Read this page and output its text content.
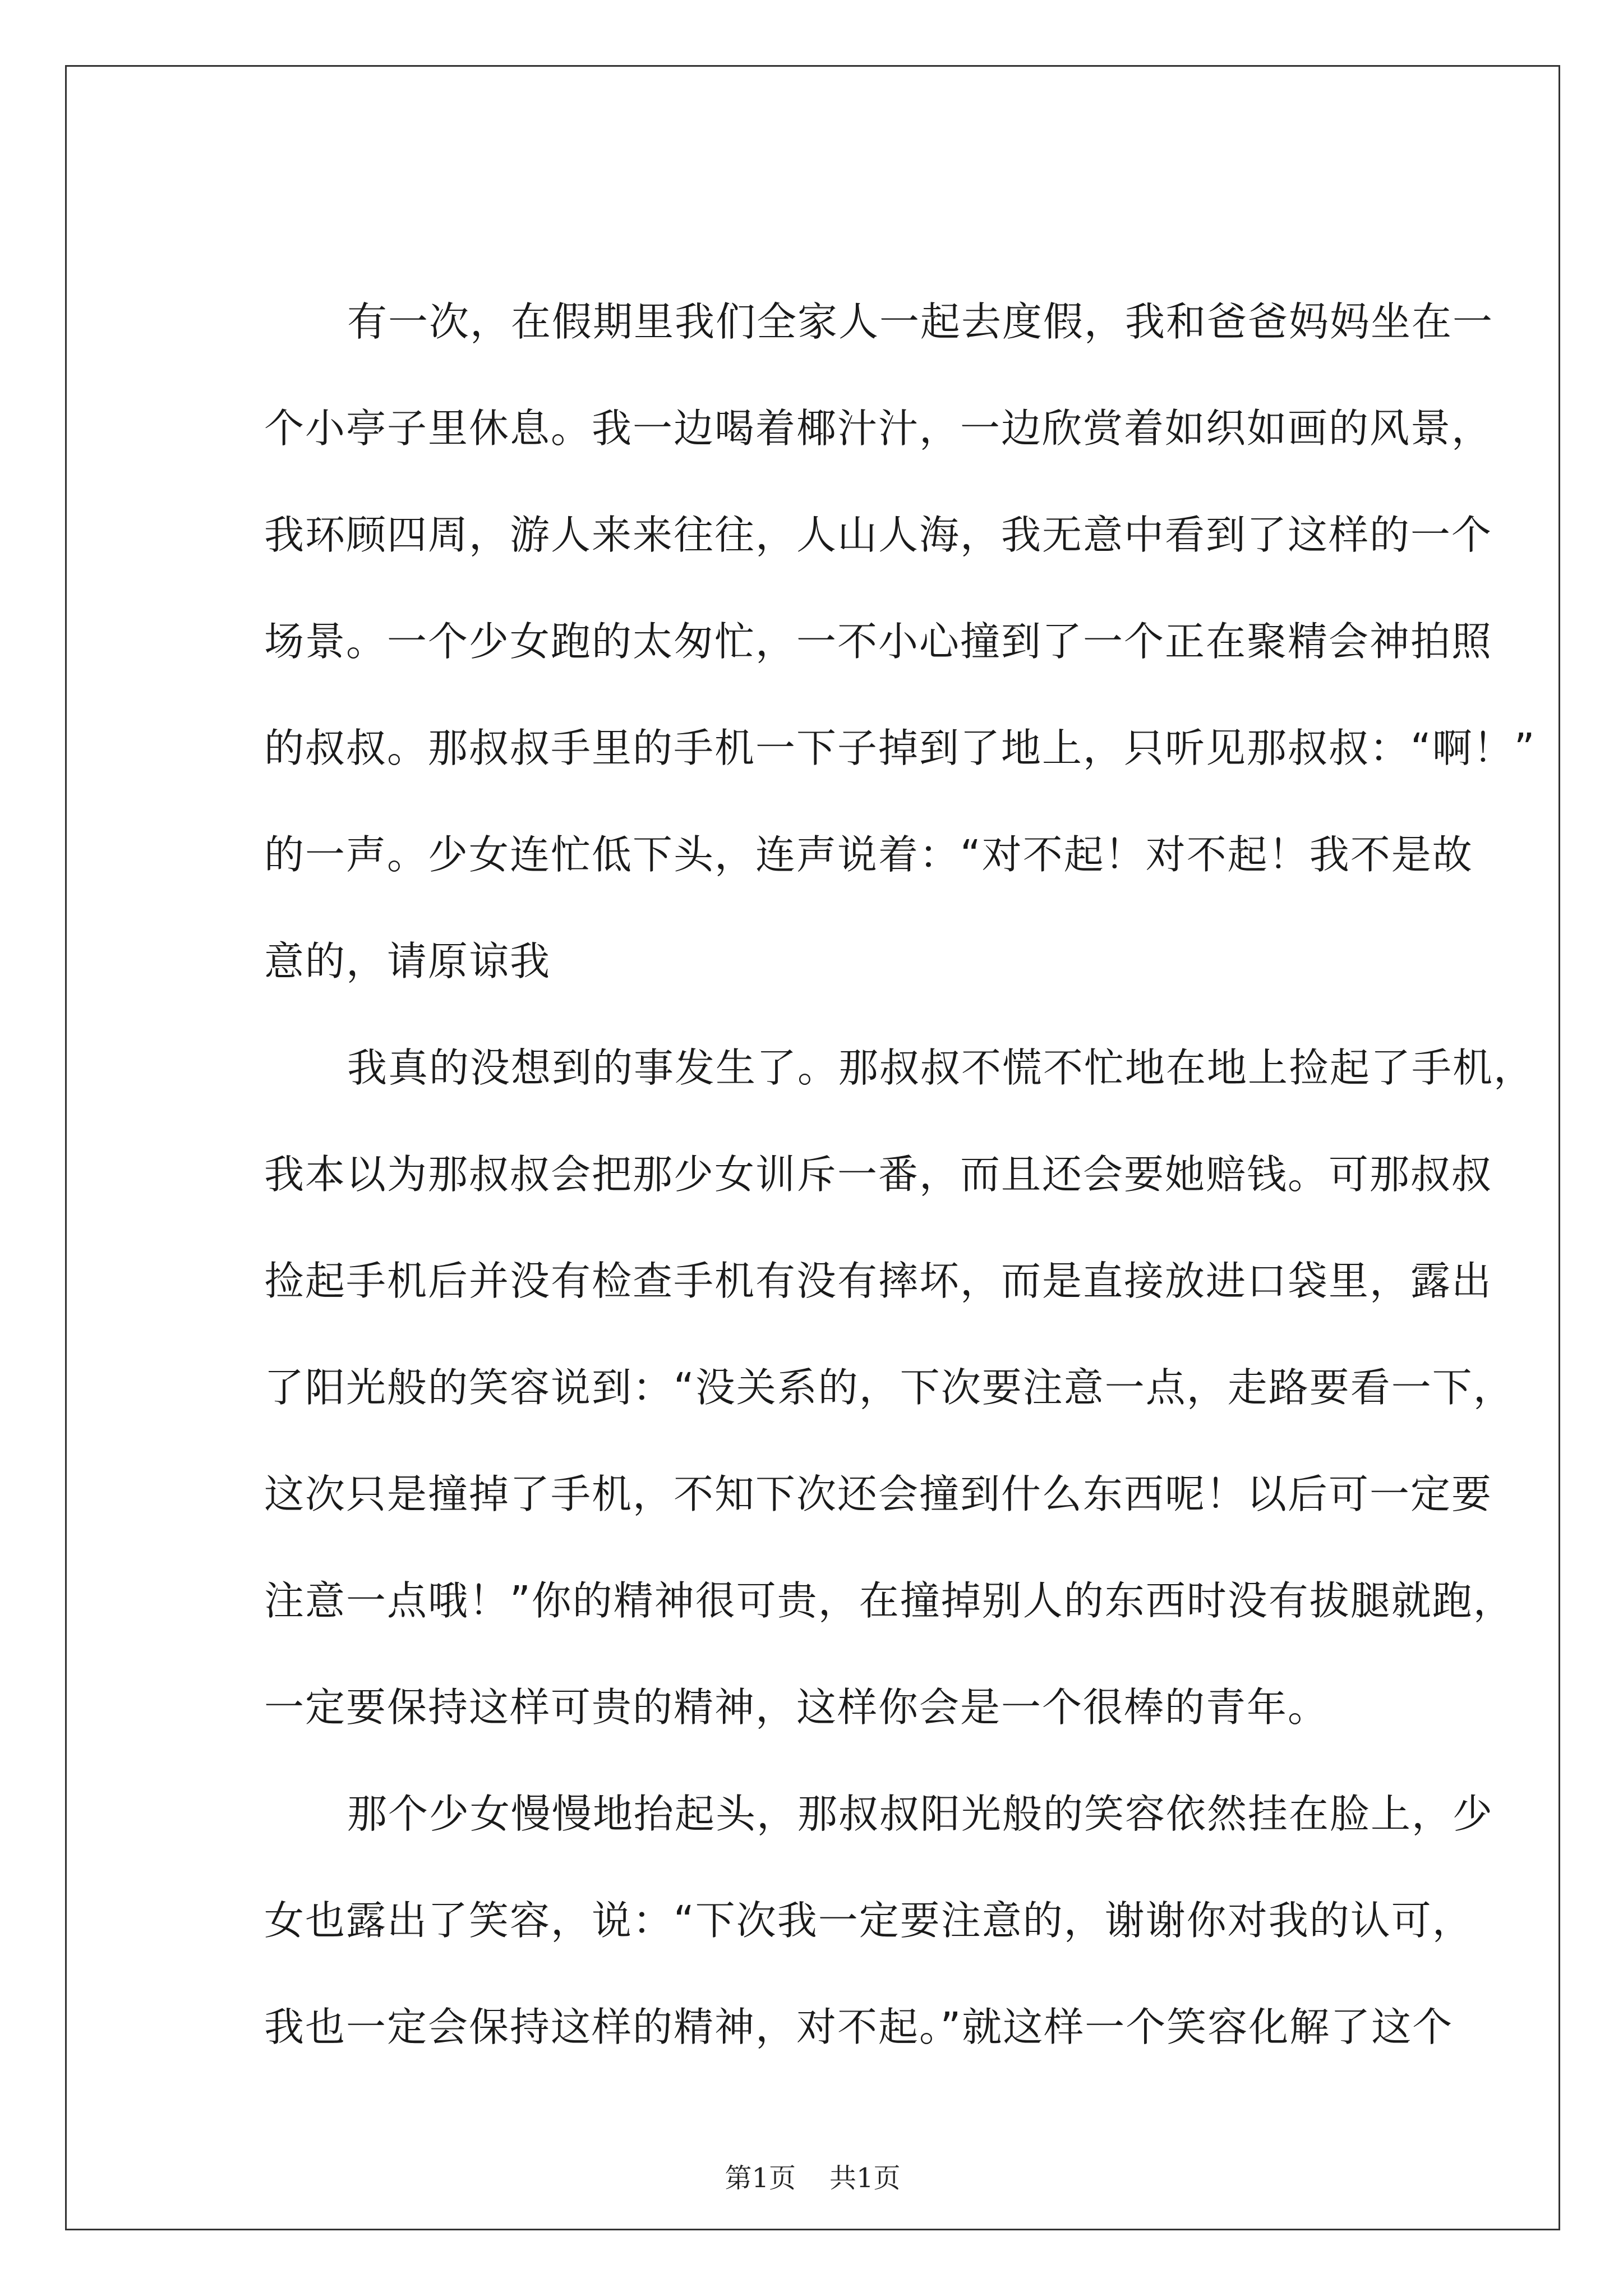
有一次，在假期里我们全家人一起去度假，我和爸爸妈妈坐在一
个小亭子里休息。我一边喝着椰汁汁，一边欣赏着如织如画的风景，
我环顾四周，游人来来往往，人山人海，我无意中看到了这样的一个
场景。一个少女跑的太匆忙，一不小心撞到了一个正在聚精会神拍照
的叔叔。那叔叔手里的手机一下子掉到了地上，只听见那叔叔：“啊！”
的一声。少女连忙低下头，连声说着：“对不起！对不起！我不是故
意的，请原谅我
我真的没想到的事发生了。那叔叔不慌不忙地在地上捡起了手机，
我本以为那叔叔会把那少女训斥一番，而且还会要她赔钱。可那叔叔
捡起手机后并没有检查手机有没有摔坏，而是直接放进口袋里，露出
了阳光般的笑容说到：“没关系的，下次要注意一点，走路要看一下，
这次只是撞掉了手机，不知下次还会撞到什么东西呢！以后可一定要
注意一点哦！”你的精神很可贵，在撞掉别人的东西时没有拔腿就跑，
一定要保持这样可贵的精神，这样你会是一个很棒的青年。
那个少女慢慢地抬起头，那叔叔阳光般的笑容依然挂在脸上，少
女也露出了笑容，说：“下次我一定要注意的，谢谢你对我的认可，
我也一定会保持这样的精神，对不起。”就这样一个笑容化解了这个
第1页 共1页
